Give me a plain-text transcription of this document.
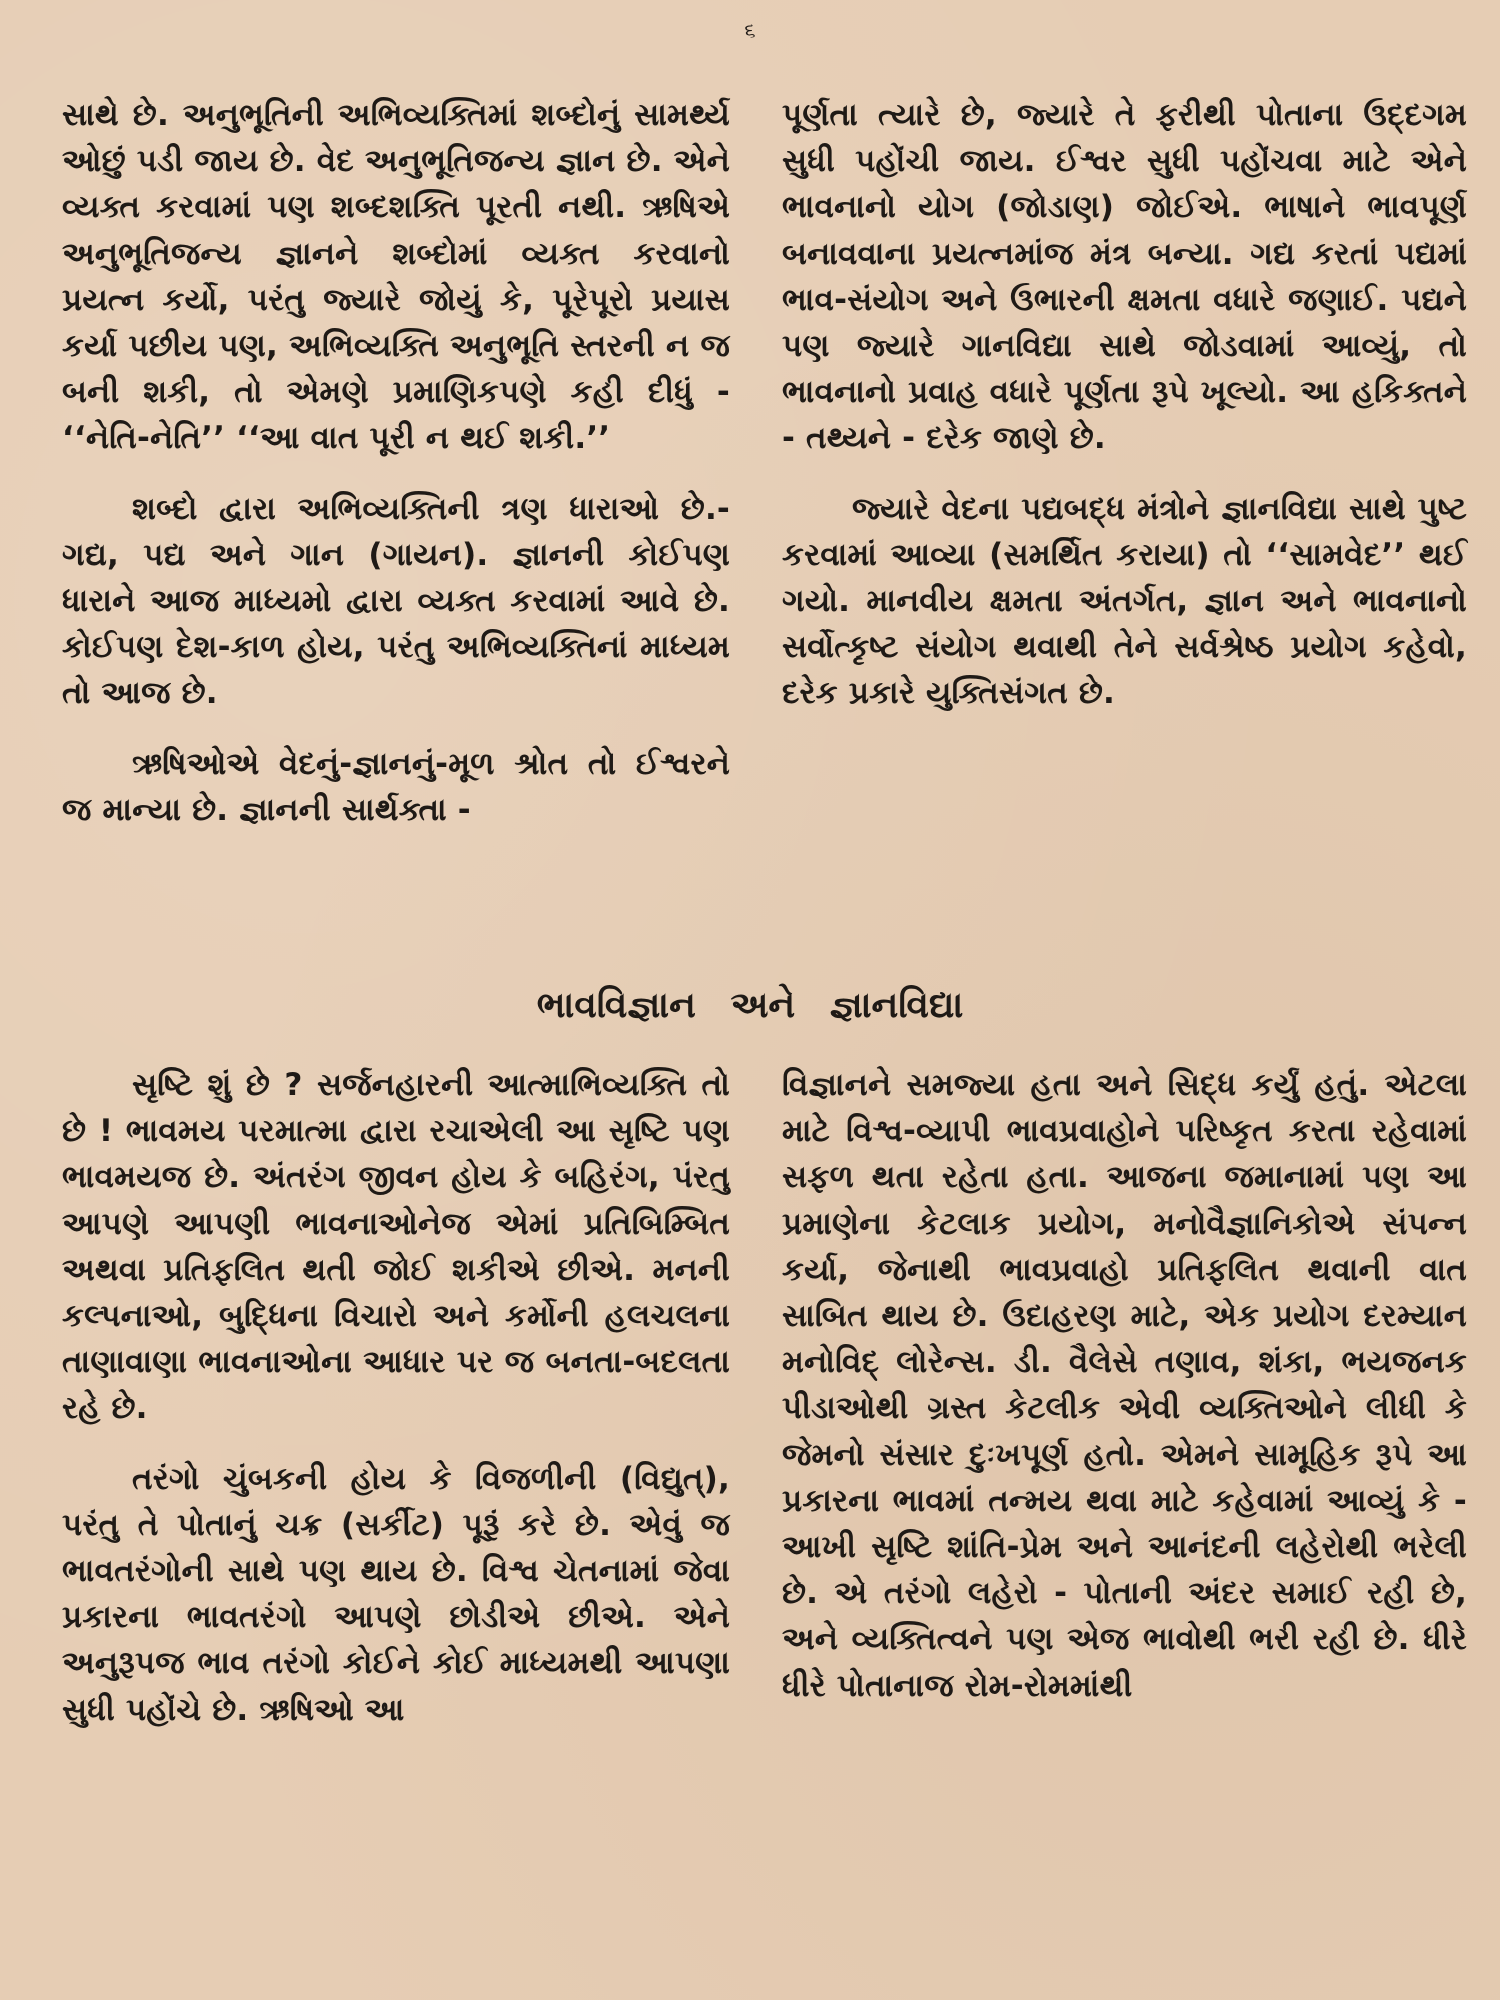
૬

સાથે છે. અનુભૂતિની અભિવ્યક્તિમાં શબ્દોનું સામર્થ્ય ઓછું પડી જાય છે. વેદ અનુભૂતિજન્ય જ્ઞાન છે. એને વ્યક્ત કરવામાં પણ શબ્દશક્તિ પૂરતી નથી. ઋષિએ અનુભૂતિજન્ય જ્ઞાનને શબ્દોમાં વ્યક્ત કરવાનો પ્રયત્ન કર્યો, પરંતુ જ્યારે જોયું કે, પૂરેપૂરો પ્રયાસ કર્યા પછીય પણ, અભિવ્યક્તિ અનુભૂતિ સ્તરની ન જ બની શકી, તો એમણે પ્રમાણિકપણે કહી દીધું - ‘‘નેતિ-નેતિ’’ ‘‘આ વાત પૂરી ન થઈ શકી.’’

શબ્દો દ્વારા અભિવ્યક્તિની ત્રણ ધારાઓ છે.- ગદ્ય, પદ્ય અને ગાન (ગાયન). જ્ઞાનની કોઈપણ ધારાને આજ માધ્યમો દ્વારા વ્યક્ત કરવામાં આવે છે. કોઈપણ દેશ-કાળ હોય, પરંતુ અભિવ્યક્તિનાં માધ્યમ તો આજ છે.

ઋષિઓએ વેદનું-જ્ઞાનનું-મૂળ શ્રોત તો ઈશ્વરને જ માન્યા છે. જ્ઞાનની સાર્થક્તા -

પૂર્ણતા ત્યારે છે, જ્યારે તે ફરીથી પોતાના ઉદ્દગમ સુધી પહોંચી જાય. ઈશ્વર સુધી પહોંચવા માટે એને ભાવનાનો યોગ (જોડાણ) જોઈએ. ભાષાને ભાવપૂર્ણ બનાવવાના પ્રયત્નમાંજ મંત્ર બન્યા. ગદ્ય કરતાં પદ્યમાં ભાવ-સંયોગ અને ઉભારની ક્ષમતા વધારે જણાઈ. પદ્યને પણ જ્યારે ગાનવિદ્યા સાથે જોડવામાં આવ્યું, તો ભાવનાનો પ્રવાહ વધારે પૂર્ણતા રૂપે ખૂલ્યો. આ હકિક્તને - તથ્યને - દરેક જાણે છે.

જ્યારે વેદના પદ્યબદ્ધ મંત્રોને જ્ઞાનવિદ્યા સાથે પુષ્ટ કરવામાં આવ્યા (સમર્થિત કરાયા) તો ‘‘સામવેદ’’ થઈ ગયો. માનવીય ક્ષમતા અંતર્ગત, જ્ઞાન અને ભાવનાનો સર્વોત્કૃષ્ટ સંયોગ થવાથી તેને સર્વશ્રેષ્ઠ પ્રયોગ કહેવો, દરેક પ્રકારે યુક્તિસંગત છે.

ભાવવિજ્ઞાન અને જ્ઞાનવિદ્યા

સૃષ્ટિ શું છે ? સર્જનહારની આત્માભિવ્યક્તિ તો છે ! ભાવમય પરમાત્મા દ્વારા રચાએલી આ સૃષ્ટિ પણ ભાવમયજ છે. અંતરંગ જીવન હોય કે બહિરંગ, પંરતુ આપણે આપણી ભાવનાઓનેજ એમાં પ્રતિબિમ્બિત અથવા પ્રતિફલિત થતી જોઈ શકીએ છીએ. મનની કલ્પનાઓ, બુદ્ધિના વિચારો અને કર્મોની હલચલના તાણાવાણા ભાવનાઓના આધાર પર જ બનતા-બદલતા રહે છે.

તરંગો ચુંબકની હોય કે વિજળીની (વિદ્યુત્), પરંતુ તે પોતાનું ચક્ર (સર્કીટ) પૂરૂં કરે છે. એવું જ ભાવતરંગોની સાથે પણ થાય છે. વિશ્વ ચેતનામાં જેવા પ્રકારના ભાવતરંગો આપણે છોડીએ છીએ. એને અનુરૂપજ ભાવ તરંગો કોઈને કોઈ માધ્યમથી આપણા સુધી પહોંચે છે. ઋષિઓ આ

વિજ્ઞાનને સમજ્યા હતા અને સિદ્ધ કર્યું હતું. એટલા માટે વિશ્વ-વ્યાપી ભાવપ્રવાહોને પરિષ્કૃત કરતા રહેવામાં સફળ થતા રહેતા હતા. આજના જમાનામાં પણ આ પ્રમાણેના કેટલાક પ્રયોગ, મનોવૈજ્ઞાનિકોએ સંપન્ન કર્યા, જેનાથી ભાવપ્રવાહો પ્રતિફલિત થવાની વાત સાબિત થાય છે. ઉદાહરણ માટે, એક પ્રયોગ દરમ્યાન મનોવિદ્ લોરેન્સ. ડી. વૈલેસે તણાવ, શંકા, ભયજનક પીડાઓથી ગ્રસ્ત કેટલીક એવી વ્યક્તિઓને લીધી કે જેમનો સંસાર દુઃખપૂર્ણ હતો. એમને સામૂહિક રૂપે આ પ્રકારના ભાવમાં તન્મય થવા માટે કહેવામાં આવ્યું કે - આખી સૃષ્ટિ શાંતિ-પ્રેમ અને આનંદની લહેરોથી ભરેલી છે. એ તરંગો લહેરો - પોતાની અંદર સમાઈ રહી છે, અને વ્યક્તિત્વને પણ એજ ભાવોથી ભરી રહી છે. ધીરે ધીરે પોતાનાજ રોમ-રોમમાંથી
